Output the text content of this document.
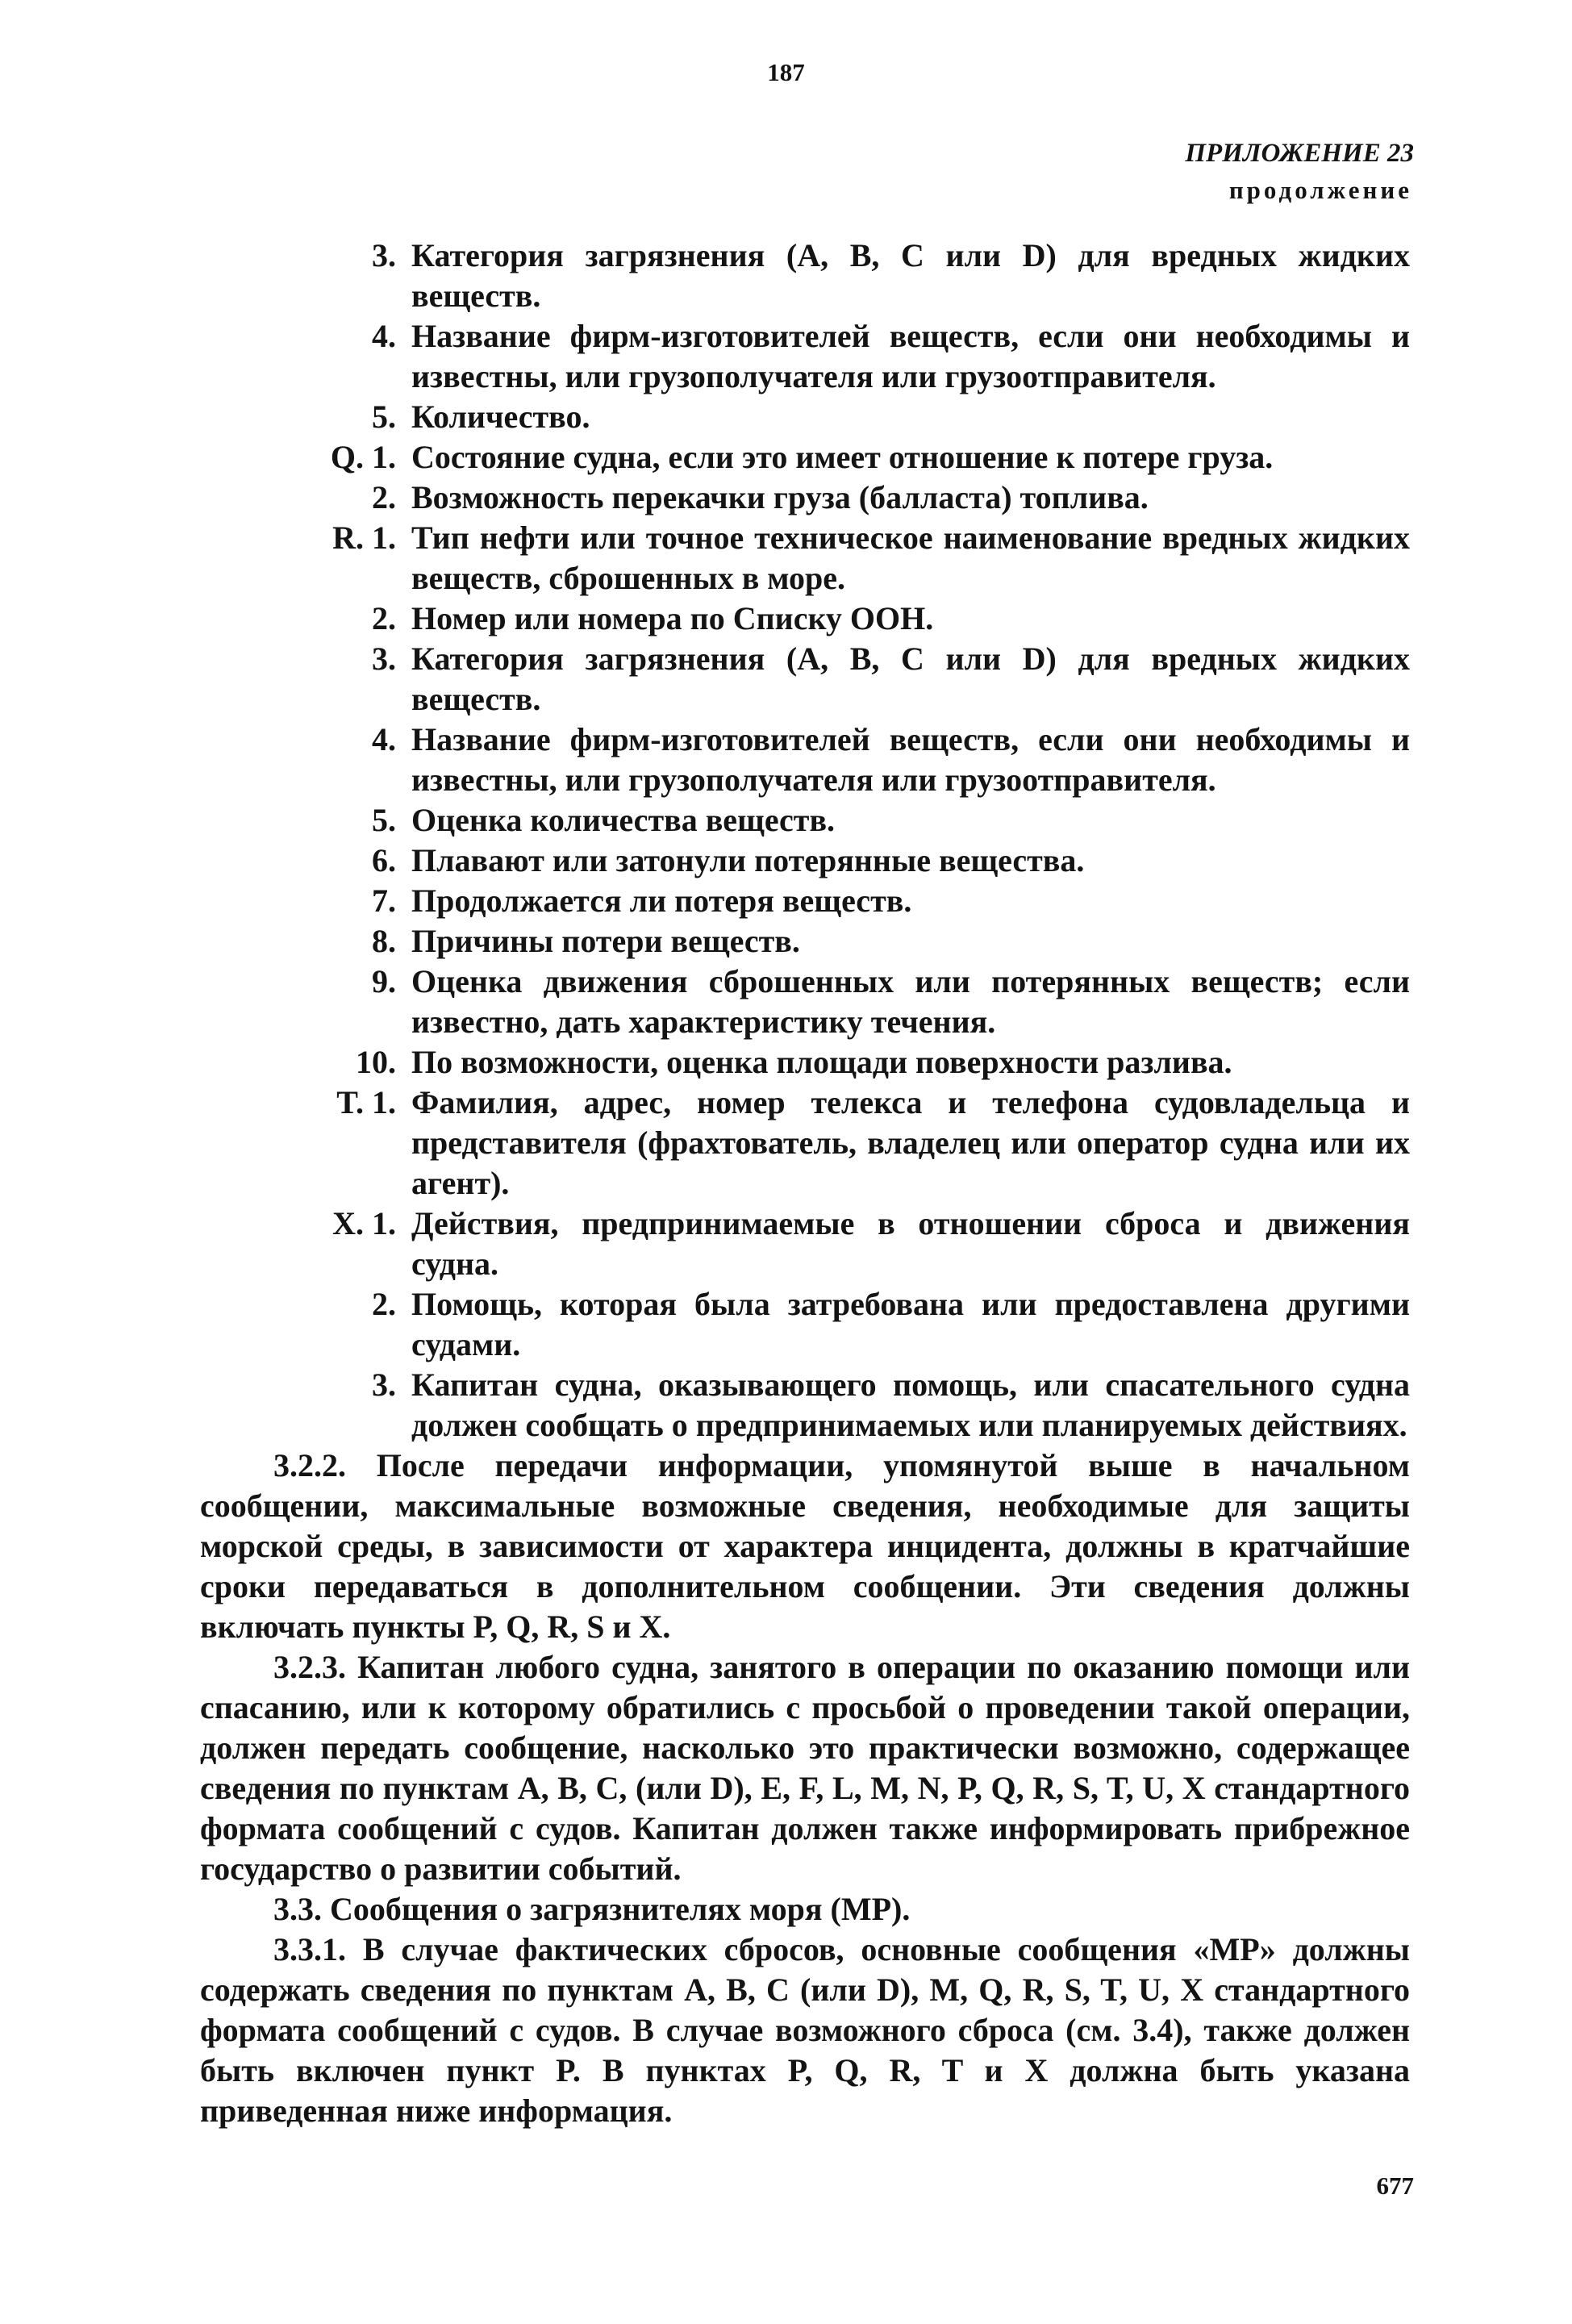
187
ПРИЛОЖЕНИЕ 23
продолжение
3. Категория загрязнения (A, B, C или D) для вредных жидких веществ.
4. Название фирм-изготовителей веществ, если они необходимы и известны, или грузополучателя или грузоотправителя.
5. Количество.
Q. 1. Состояние судна, если это имеет отношение к потере груза.
2. Возможность перекачки груза (балласта) топлива.
R. 1. Тип нефти или точное техническое наименование вредных жидких веществ, сброшенных в море.
2. Номер или номера по Списку ООН.
3. Категория загрязнения (A, B, C или D) для вредных жидких веществ.
4. Название фирм-изготовителей веществ, если они необходимы и известны, или грузополучателя или грузоотправителя.
5. Оценка количества веществ.
6. Плавают или затонули потерянные вещества.
7. Продолжается ли потеря веществ.
8. Причины потери веществ.
9. Оценка движения сброшенных или потерянных веществ; если известно, дать характеристику течения.
10. По возможности, оценка площади поверхности разлива.
T. 1. Фамилия, адрес, номер телекса и телефона судовладельца и представителя (фрахтователь, владелец или оператор судна или их агент).
X. 1. Действия, предпринимаемые в отношении сброса и движения судна.
2. Помощь, которая была затребована или предоставлена другими судами.
3. Капитан судна, оказывающего помощь, или спасательного судна должен сообщать о предпринимаемых или планируемых действиях.

3.2.2. После передачи информации, упомянутой выше в начальном сообщении, максимальные возможные сведения, необходимые для защиты морской среды, в зависимости от характера инцидента, должны в кратчайшие сроки передаваться в дополнительном сообщении. Эти сведения должны включать пункты P, Q, R, S и X.

3.2.3. Капитан любого судна, занятого в операции по оказанию помощи или спасанию, или к которому обратились с просьбой о проведении такой операции, должен передать сообщение, насколько это практически возможно, содержащее сведения по пунктам A, B, C, (или D), E, F, L, M, N, P, Q, R, S, T, U, X стандартного формата сообщений с судов. Капитан должен также информировать прибрежное государство о развитии событий.

3.3. Сообщения о загрязнителях моря (MP).

3.3.1. В случае фактических сбросов, основные сообщения «MP» должны содержать сведения по пунктам A, B, C (или D), M, Q, R, S, T, U, X стандартного формата сообщений с судов. В случае возможного сброса (см. 3.4), также должен быть включен пункт P. В пунктах P, Q, R, T и X должна быть указана приведенная ниже информация.

677
